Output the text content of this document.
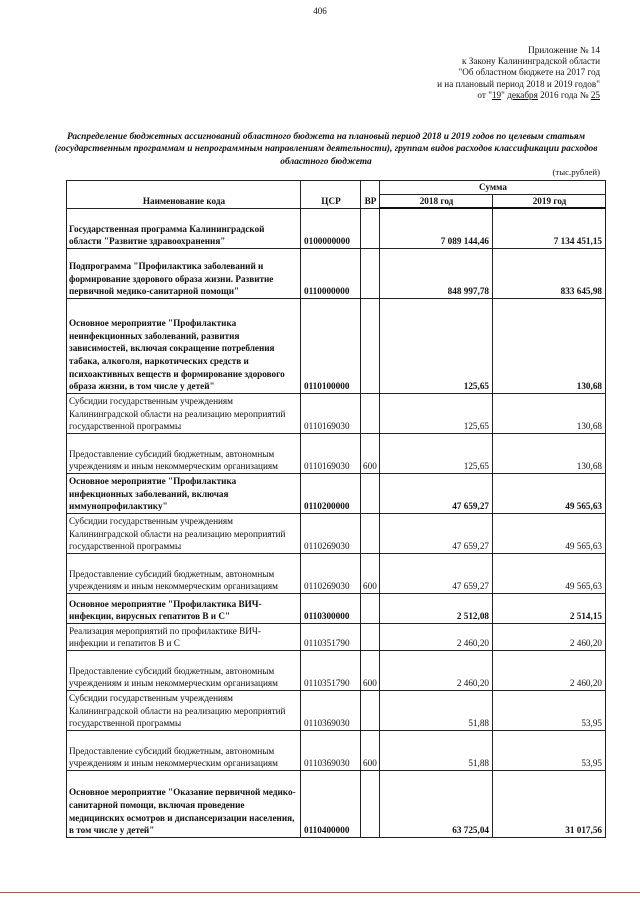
406
Приложение № 14
к Закону Калининградской области
"Об областном бюджете на 2017 год
и на плановый период 2018 и 2019 годов"
от "19" декабря 2016 года № 25
Распределение бюджетных ассигнований областного бюджета на плановый период 2018 и 2019 годов по целевым статьям (государственным программам и непрограммным направлениям деятельности), группам видов расходов классификации расходов областного бюджета
(тыс.рублей)
Наименование кода	ЦСР	ВР	Сумма	
			2018 год	2019 год
Государственная программа Калининградской области "Развитие здравоохранения"	0100000000		7 089 144,46	7 134 451,15
Подпрограмма "Профилактика заболеваний и формирование здорового образа жизни. Развитие первичной медико-санитарной помощи"	0110000000		848 997,78	833 645,98
Основное мероприятие "Профилактика неинфекционных заболеваний, развития зависимостей, включая сокращение потребления табака, алкоголя, наркотических средств и психоактивных веществ и формирование здорового образа жизни, в том числе у детей"	0110100000		125,65	130,68
Субсидии государственным учреждениям Калининградской области на реализацию мероприятий государственной программы	0110169030		125,65	130,68
Предоставление субсидий бюджетным, автономным учреждениям и иным некоммерческим организациям	0110169030	600	125,65	130,68
Основное мероприятие "Профилактика инфекционных заболеваний, включая иммунопрофилактику"	0110200000		47 659,27	49 565,63
Субсидии государственным учреждениям Калининградской области на реализацию мероприятий государственной программы	0110269030		47 659,27	49 565,63
Предоставление субсидий бюджетным, автономным учреждениям и иным некоммерческим организациям	0110269030	600	47 659,27	49 565,63
Основное мероприятие "Профилактика ВИЧ-инфекции, вирусных гепатитов В и С"	0110300000		2 512,08	2 514,15
Реализация мероприятий по профилактике ВИЧ-инфекции и гепатитов В и С	0110351790		2 460,20	2 460,20
Предоставление субсидий бюджетным, автономным учреждениям и иным некоммерческим организациям	0110351790	600	2 460,20	2 460,20
Субсидии государственным учреждениям Калининградской области на реализацию мероприятий государственной программы	0110369030		51,88	53,95
Предоставление субсидий бюджетным, автономным учреждениям и иным некоммерческим организациям	0110369030	600	51,88	53,95
Основное мероприятие "Оказание первичной медико-санитарной помощи, включая проведение медицинских осмотров и диспансеризации населения, в том числе у детей"	0110400000		63 725,04	31 017,56
